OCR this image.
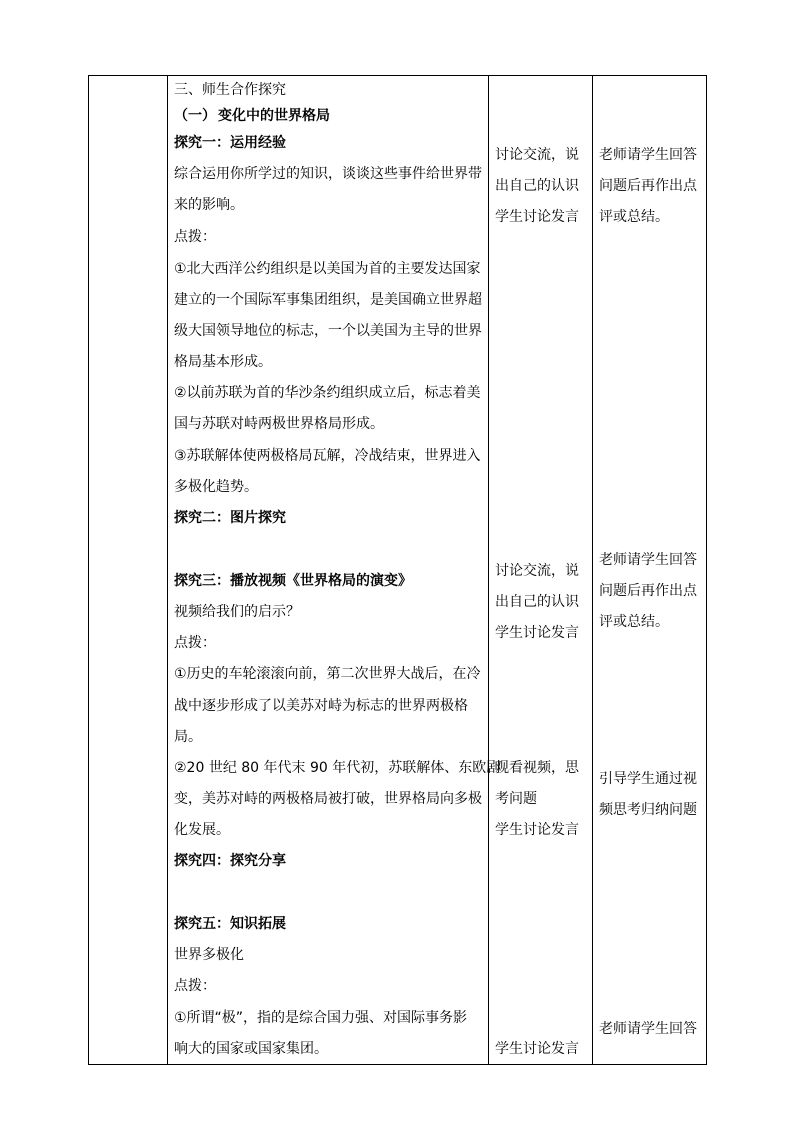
三、师生合作探究
（一） 变化中的世界格局
探究一：运用经验
综合运用你所学过的知识，谈谈这些事件给世界带
来的影响。
点拨：
①北大西洋公约组织是以美国为首的主要发达国家
建立的一个国际军事集团组织，是美国确立世界超
级大国领导地位的标志，一个以美国为主导的世界
格局基本形成。
②以前苏联为首的华沙条约组织成立后，标志着美
国与苏联对峙两极世界格局形成。
③苏联解体使两极格局瓦解，冷战结束，世界进入
多极化趋势。
探究二：图片探究
探究三：播放视频《世界格局的演变》
视频给我们的启示？
点拨：
①历史的车轮滚滚向前，第二次世界大战后，在冷
战中逐步形成了以美苏对峙为标志的世界两极格
局。
②20 世纪 80 年代末 90 年代初，苏联解体、东欧剧
变，美苏对峙的两极格局被打破，世界格局向多极
化发展。
探究四：探究分享
探究五：知识拓展
世界多极化
点拨：
①所谓“极”，指的是综合国力强、对国际事务影
响大的国家或国家集团。
讨论交流，说
出自己的认识
学生讨论发言
讨论交流，说
出自己的认识
学生讨论发言
观看视频，思
考问题
学生讨论发言
学生讨论发言
老师请学生回答
问题后再作出点
评或总结。
老师请学生回答
问题后再作出点
评或总结。
引导学生通过视
频思考归纳问题
老师请学生回答
